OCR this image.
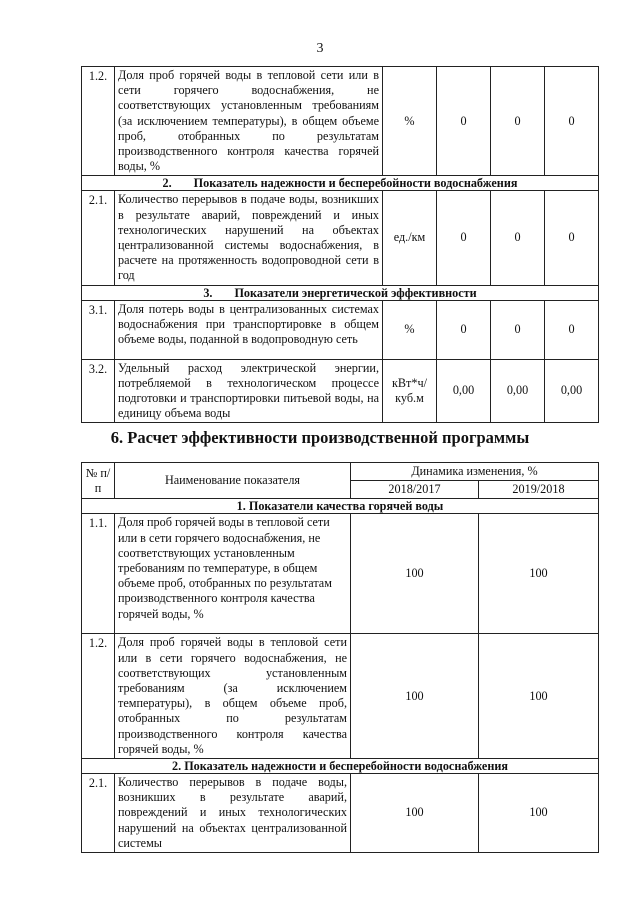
3
1.2.	Доля проб горячей воды в тепловой сети или в сети горячего водоснабжения, не соответствующих установленным требованиям (за исключением температуры), в общем объеме проб, отобранных по результатам производственного контроля качества горячей воды, %	%	0	0	0
2. Показатель надежности и бесперебойности водоснабжения					
2.1.	Количество перерывов в подаче воды, возникших в результате аварий, повреждений и иных технологических нарушений на объектах централизованной системы водоснабжения, в расчете на протяженность водопроводной сети в год	ед./км	0	0	0
3. Показатели энергетической эффективности					
3.1.	Доля потерь воды в централизованных системах водоснабжения при транспортировке в общем объеме воды, поданной в водопроводную сеть	%	0	0	0
3.2.	Удельный расход электрической энергии, потребляемой в технологическом процессе подготовки и транспортировки питьевой воды, на единицу объема воды	кВт*ч/
куб.м	0,00	0,00	0,00
6. Расчет эффективности производственной программы
№ п/п	Наименование показателя	Динамика изменения, %	
		2018/2017	2019/2018
1. Показатели качества горячей воды			
1.1.	Доля проб горячей воды в тепловой сети или в сети горячего водоснабжения, не соответствующих установленным требованиям по температуре, в общем объеме проб, отобранных по результатам производственного контроля качества горячей воды, %	100	100
1.2.	Доля проб горячей воды в тепловой сети или в сети горячего водоснабжения, не соответствующих установленным требованиям (за исключением температуры), в общем объеме проб, отобранных по результатам производственного контроля качества горячей воды, %	100	100
2. Показатель надежности и бесперебойности водоснабжения			
2.1.	Количество перерывов в подаче воды, возникших в результате аварий, повреждений и иных технологических нарушений на объектах централизованной системы	100	100
